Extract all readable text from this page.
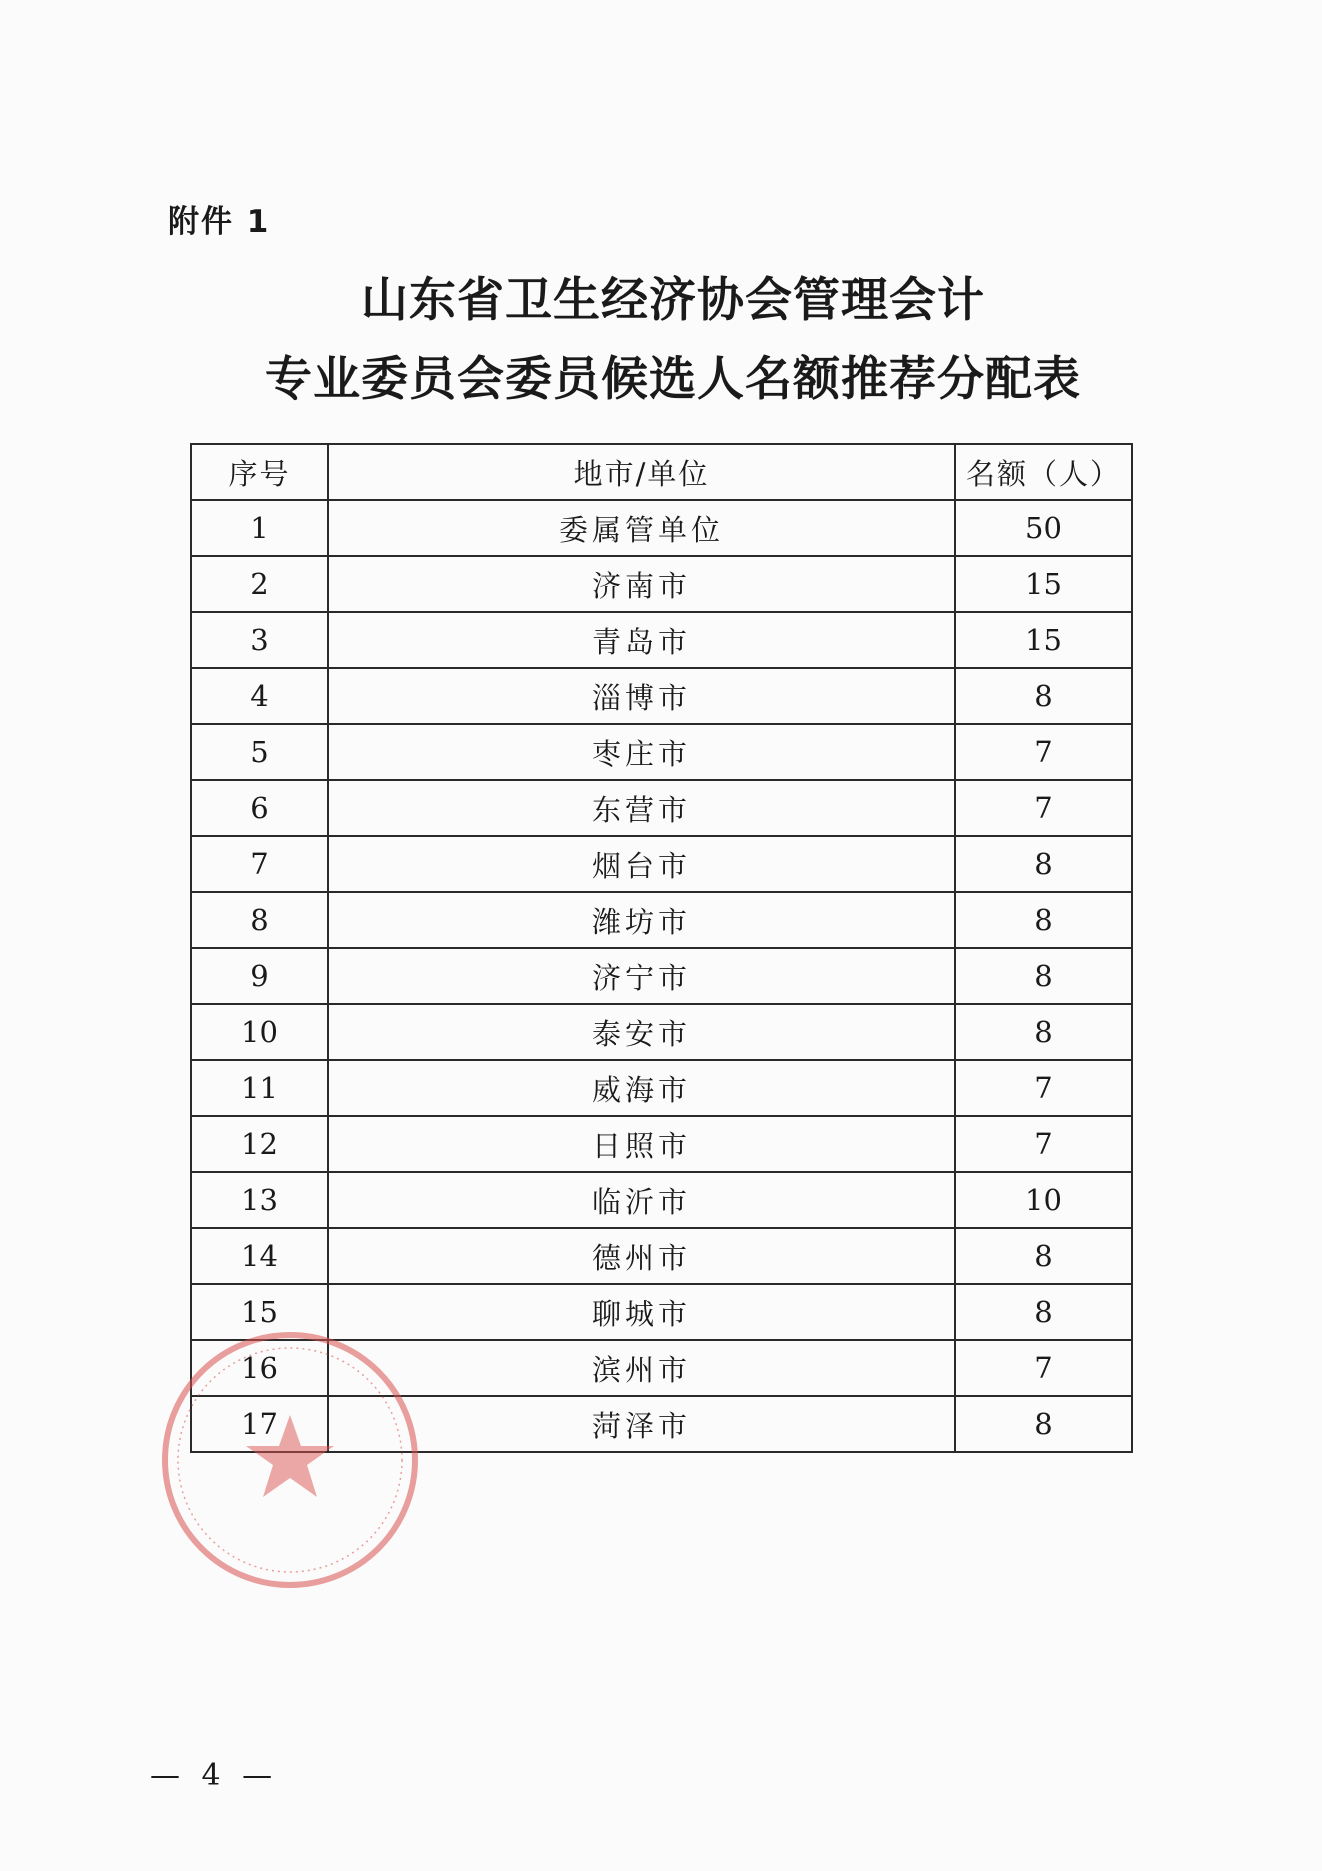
附件 1
山东省卫生经济协会管理会计
专业委员会委员候选人名额推荐分配表
序号	地市/单位	名额（人）
1	委属管单位	50
2	济南市	15
3	青岛市	15
4	淄博市	8
5	枣庄市	7
6	东营市	7
7	烟台市	8
8	潍坊市	8
9	济宁市	8
10	泰安市	8
11	威海市	7
12	日照市	7
13	临沂市	10
14	德州市	8
15	聊城市	8
16	滨州市	7
17	菏泽市	8
— 4 —
